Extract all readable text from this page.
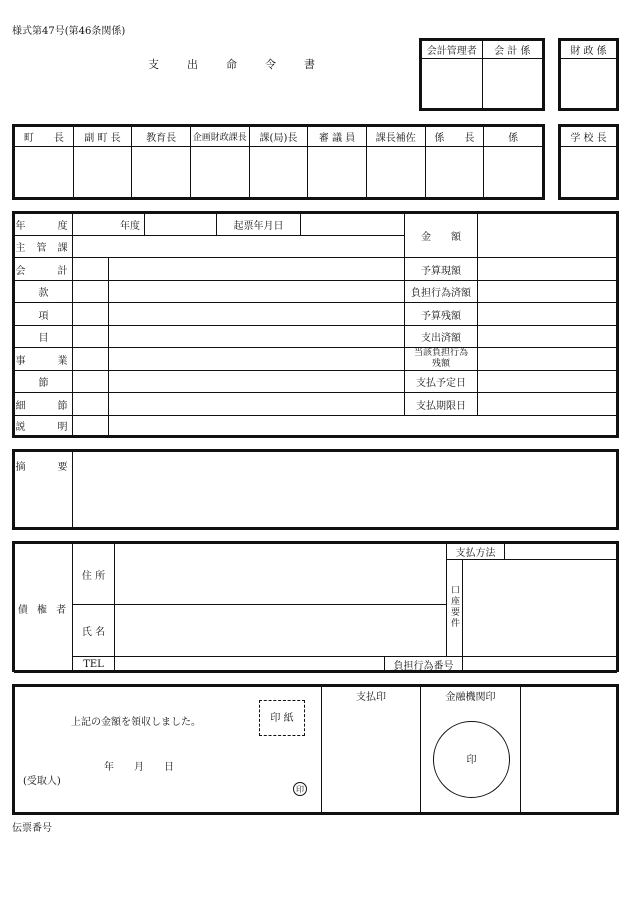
様式第47号(第46条関係)
支　　出　　命　　令　　書
会計管理者	会 計 係
		財 政 係

町　　長	副 町 長	教育長	企画財政課長	課(局)長	審 議 員	課長補佐	係　　長	係
									学 校 長

年　　度	年度			起票年月日		金　　額	
主 管 課							
会　　計						予算現額	
款						負担行為済額	
項						予算残額	
目						支出済額	
事　　業						当該負担行為残額	
節						支払予定日	
細　　節						支払期限日	
説　　明							
摘　　要	
債 権 者	住 所			支払方法		
				口座要件		
	氏 名					
	TEL		負担行為番号			
上記の金額を領収しました。	印 紙
年　　月　　日
(受取人)
印

支払印	金融機関印
印

伝票番号
